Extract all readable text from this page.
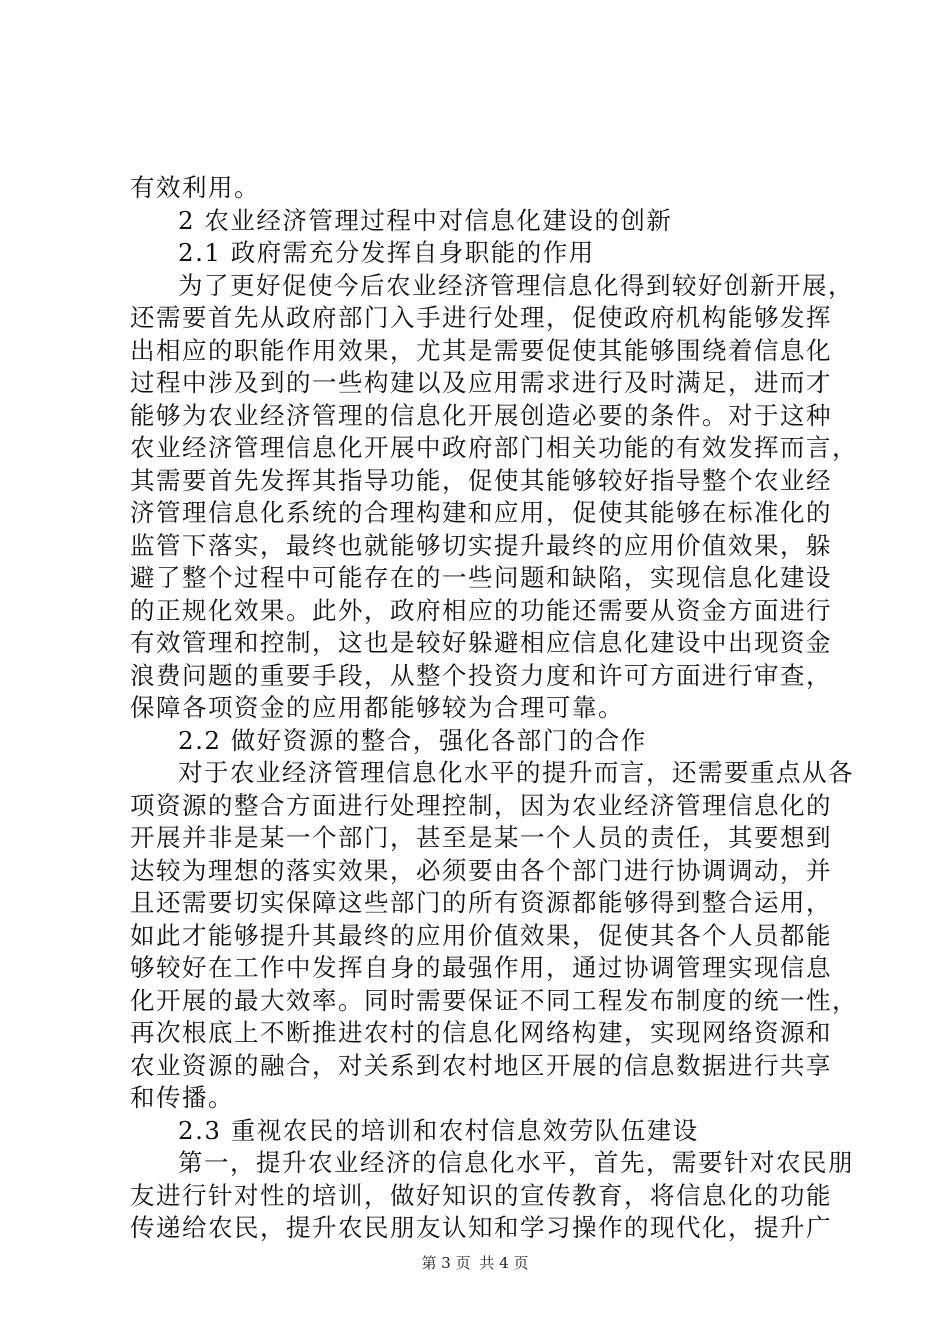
有效利用。
2 农业经济管理过程中对信息化建设的创新
2.1 政府需充分发挥自身职能的作用
为了更好促使今后农业经济管理信息化得到较好创新开展，
还需要首先从政府部门入手进行处理，促使政府机构能够发挥
出相应的职能作用效果，尤其是需要促使其能够围绕着信息化
过程中涉及到的一些构建以及应用需求进行及时满足，进而才
能够为农业经济管理的信息化开展创造必要的条件。对于这种
农业经济管理信息化开展中政府部门相关功能的有效发挥而言，
其需要首先发挥其指导功能，促使其能够较好指导整个农业经
济管理信息化系统的合理构建和应用，促使其能够在标准化的
监管下落实，最终也就能够切实提升最终的应用价值效果，躲
避了整个过程中可能存在的一些问题和缺陷，实现信息化建设
的正规化效果。此外，政府相应的功能还需要从资金方面进行
有效管理和控制，这也是较好躲避相应信息化建设中出现资金
浪费问题的重要手段，从整个投资力度和许可方面进行审查，
保障各项资金的应用都能够较为合理可靠。
2.2 做好资源的整合，强化各部门的合作
对于农业经济管理信息化水平的提升而言，还需要重点从各
项资源的整合方面进行处理控制，因为农业经济管理信息化的
开展并非是某一个部门，甚至是某一个人员的责任，其要想到
达较为理想的落实效果，必须要由各个部门进行协调调动，并
且还需要切实保障这些部门的所有资源都能够得到整合运用，
如此才能够提升其最终的应用价值效果，促使其各个人员都能
够较好在工作中发挥自身的最强作用，通过协调管理实现信息
化开展的最大效率。同时需要保证不同工程发布制度的统一性，
再次根底上不断推进农村的信息化网络构建，实现网络资源和
农业资源的融合，对关系到农村地区开展的信息数据进行共享
和传播。
2.3 重视农民的培训和农村信息效劳队伍建设
第一，提升农业经济的信息化水平，首先，需要针对农民朋
友进行针对性的培训，做好知识的宣传教育，将信息化的功能
传递给农民，提升农民朋友认知和学习操作的现代化，提升广
第 3 页 共 4 页
